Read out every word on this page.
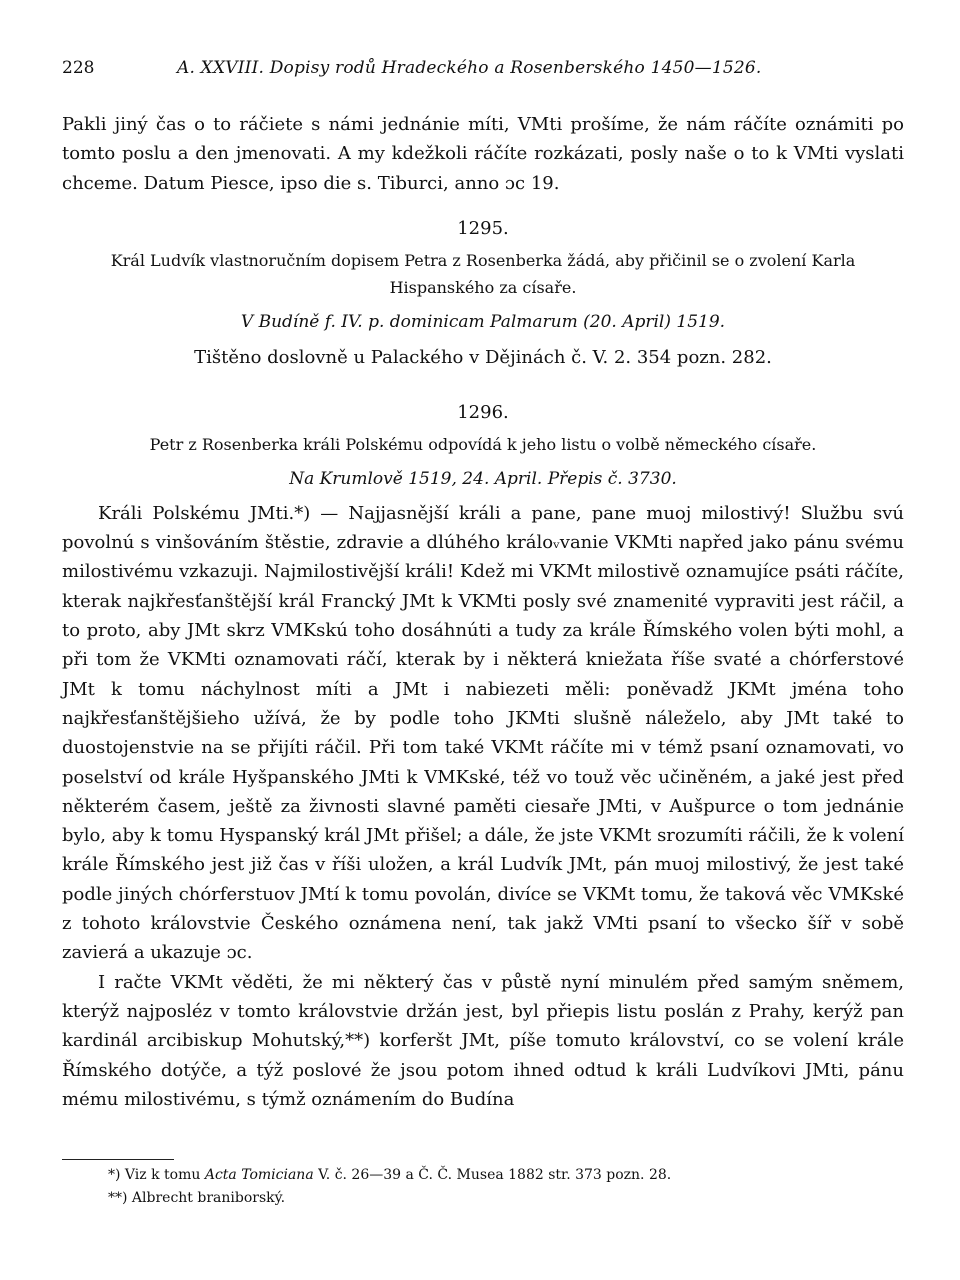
228	A. XXVIII. Dopisy rodů Hradeckého a Rosenberského 1450—1526.

Pakli jiný čas o to ráčiete s námi jednánie míti, VMti prošíme, že nám ráčíte oznámiti po tomto poslu a den jmenovati. A my kdežkoli ráčíte rozkázati, posly naše o to k VMti vyslati chceme. Datum Piesce, ipso die s. Tiburci, anno ɔc 19.

1295.

Král Ludvík vlastnoručním dopisem Petra z Rosenberka žádá, aby přičinil se o zvolení Karla

Hispanského za císaře.

V Budíně f. IV. p. dominicam Palmarum (20. April) 1519.

Tištěno doslovně u Palackého v Dějinách č. V. 2. 354 pozn. 282.

1296.

Petr z Rosenberka králi Polskému odpovídá k jeho listu o volbě německého císaře.

Na Krumlově 1519, 24. April. Přepis č. 3730.

Králi Polskému JMti.*) — Najjasnější králi a pane, pane muoj milostivý! Službu svú povolnú s vinšováním štěstie, zdravie a dlúhého králoᵥvanie VKMti napřed jako pánu svému milostivému vzkazuji. Najmilostivější králi! Kdež mi VKMt milostivě oznamujíce psáti ráčíte, kterak najkřesťanštější král Francký JMt k VKMti posly své znamenité vypraviti jest ráčil, a to proto, aby JMt skrz VMKskú toho dosáhnúti a tudy za krále Římského volen býti mohl, a při tom že VKMti oznamovati ráčí, kterak by i některá kniežata říše svaté a chórferstové JMt k tomu náchylnost míti a JMt i nabiezeti měli: poněvadž JKMt jména toho najkřesťanštějšieho užívá, že by podle toho JKMti slušně náleželo, aby JMt také to duostojenstvie na se přijíti ráčil. Při tom také VKMt ráčíte mi v témž psaní oznamovati, vo poselství od krále Hyšpanského JMti k VMKské, též vo touž věc učiněném, a jaké jest před některém časem, ještě za živnosti slavné paměti ciesaře JMti, v Aušpurce o tom jednánie bylo, aby k tomu Hyspanský král JMt přišel; a dále, že jste VKMt srozumíti ráčili, že k volení krále Římského jest již čas v říši uložen, a král Ludvík JMt, pán muoj milostivý, že jest také podle jiných chórferstuov JMtí k tomu povolán, divíce se VKMt tomu, že taková věc VMKské z tohoto královstvie Českého oznámena není, tak jakž VMti psaní to všecko šíř v sobě zavierá a ukazuje ɔc.

I račte VKMt věděti, že mi některý čas v půstě nyní minulém před samým sněmem, kterýž najposléz v tomto královstvie držán jest, byl přiepis listu poslán z Prahy, kerýž pan kardinál arcibiskup Mohutský,**) korferšt JMt, píše tomuto království, co se volení krále Římského dotýče, a týž poslové že jsou potom ihned odtud k králi Ludvíkovi JMti, pánu mému milostivému, s týmž oznámením do Budína

*) Viz k tomu Acta Tomiciana V. č. 26—39 a Č. Č. Musea 1882 str. 373 pozn. 28.

**) Albrecht braniborský.
